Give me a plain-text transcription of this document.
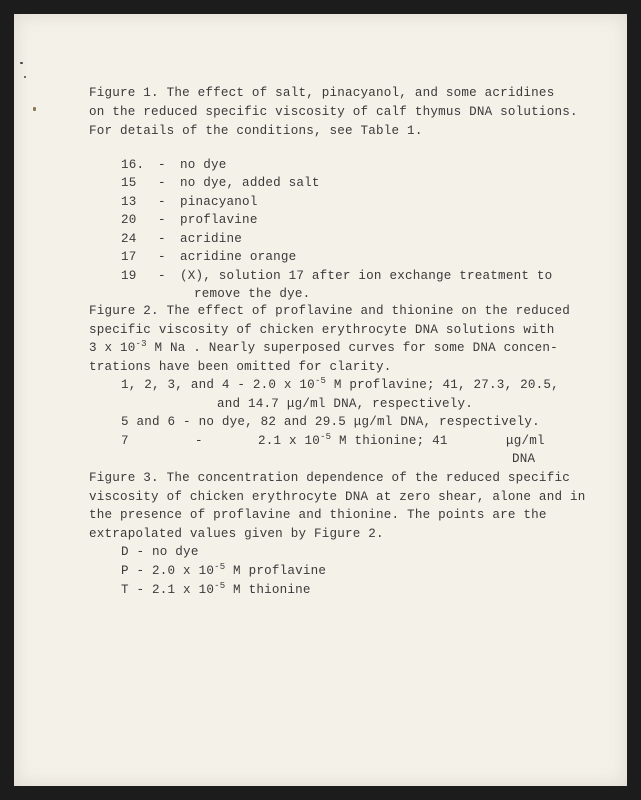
Figure 1. The effect of salt, pinacyanol, and some acridines
on the reduced specific viscosity of calf thymus DNA solutions.
For details of the conditions, see Table 1.
16. - no dye
15 - no dye, added salt
13 - pinacyanol
20 - proflavine
24 - acridine
17 - acridine orange
19 - (X), solution 17 after ion exchange treatment to
remove the dye.
Figure 2. The effect of proflavine and thionine on the reduced
specific viscosity of chicken erythrocyte DNA solutions with
3 x $10^{-3}$ M Na . Nearly superposed curves for some DNA concen-
trations have been omitted for clarity.
1, 2, 3, and 4 - 2.0 x $10^{-5}$ M proflavine; 41, 27.3, 20.5,
and 14.7 μg/ml DNA, respectively.
5 and 6 - no dye, 82 and 29.5 μg/ml DNA, respectively.
7	-	2.1 x $10^{-5}$ M thionine; 41	μg/ml
DNA
Figure 3. The concentration dependence of the reduced specific
viscosity of chicken erythrocyte DNA at zero shear, alone and in
the presence of proflavine and thionine. The points are the
extrapolated values given by Figure 2.
D - no dye
P - 2.0 x $10^{-5}$ M proflavine
T - 2.1 x $10^{-5}$ M thionine
